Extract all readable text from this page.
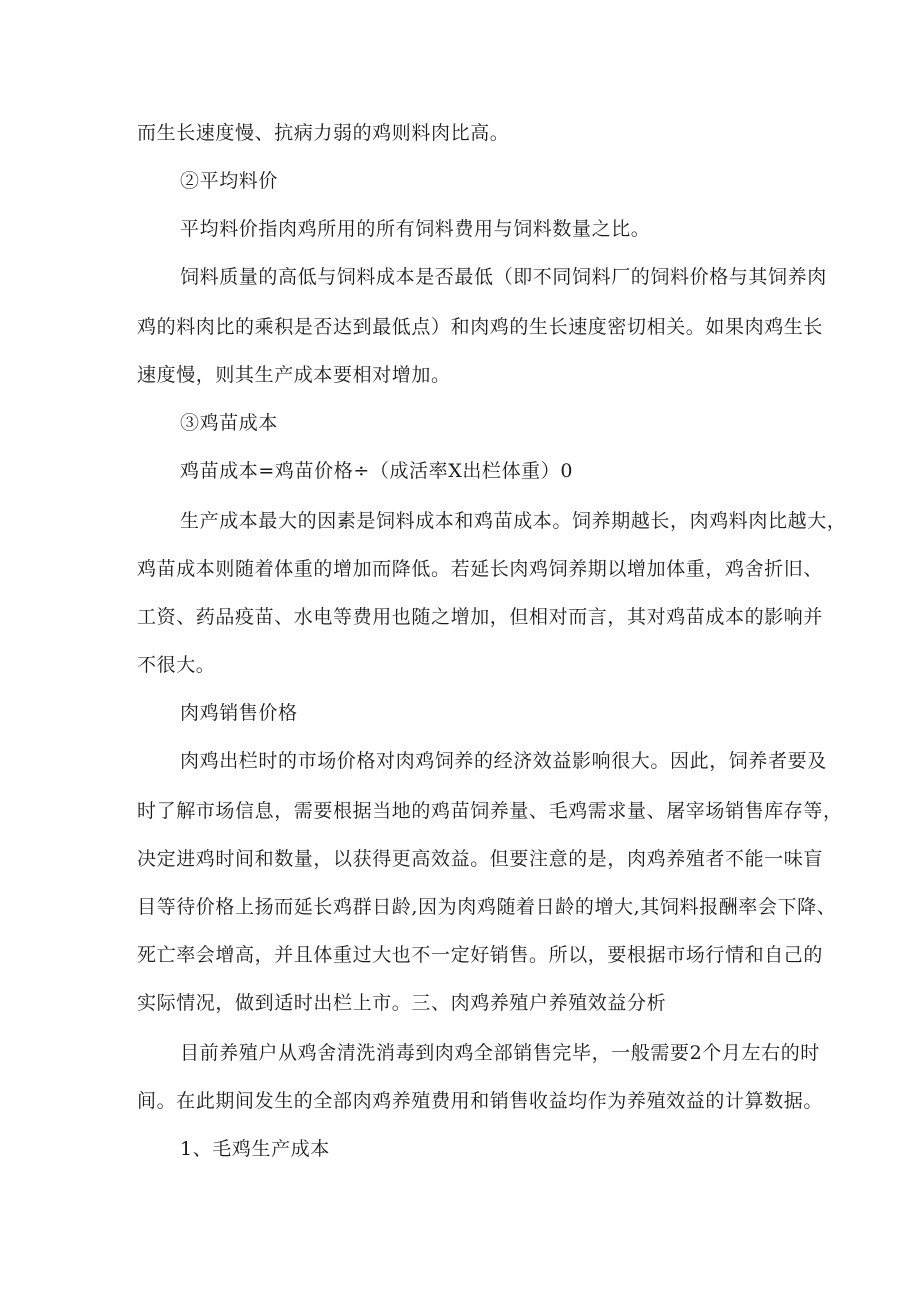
而生长速度慢、抗病力弱的鸡则料肉比高。
②平均料价
平均料价指肉鸡所用的所有饲料费用与饲料数量之比。
饲料质量的高低与饲料成本是否最低（即不同饲料厂的饲料价格与其饲养肉
鸡的料肉比的乘积是否达到最低点）和肉鸡的生长速度密切相关。如果肉鸡生长
速度慢，则其生产成本要相对增加。
③鸡苗成本
鸡苗成本=鸡苗价格÷（成活率X出栏体重）0
生产成本最大的因素是饲料成本和鸡苗成本。饲养期越长，肉鸡料肉比越大，
鸡苗成本则随着体重的增加而降低。若延长肉鸡饲养期以增加体重，鸡舍折旧、
工资、药品疫苗、水电等费用也随之增加，但相对而言，其对鸡苗成本的影响并
不很大。
肉鸡销售价格
肉鸡出栏时的市场价格对肉鸡饲养的经济效益影响很大。因此，饲养者要及
时了解市场信息，需要根据当地的鸡苗饲养量、毛鸡需求量、屠宰场销售库存等，
决定进鸡时间和数量，以获得更高效益。但要注意的是，肉鸡养殖者不能一味盲
目等待价格上扬而延长鸡群日龄,因为肉鸡随着日龄的增大,其饲料报酬率会下降、
死亡率会增高，并且体重过大也不一定好销售。所以，要根据市场行情和自己的
实际情况，做到适时出栏上市。三、肉鸡养殖户养殖效益分析
目前养殖户从鸡舍清洗消毒到肉鸡全部销售完毕，一般需要2个月左右的时
间。在此期间发生的全部肉鸡养殖费用和销售收益均作为养殖效益的计算数据。
1、毛鸡生产成本
